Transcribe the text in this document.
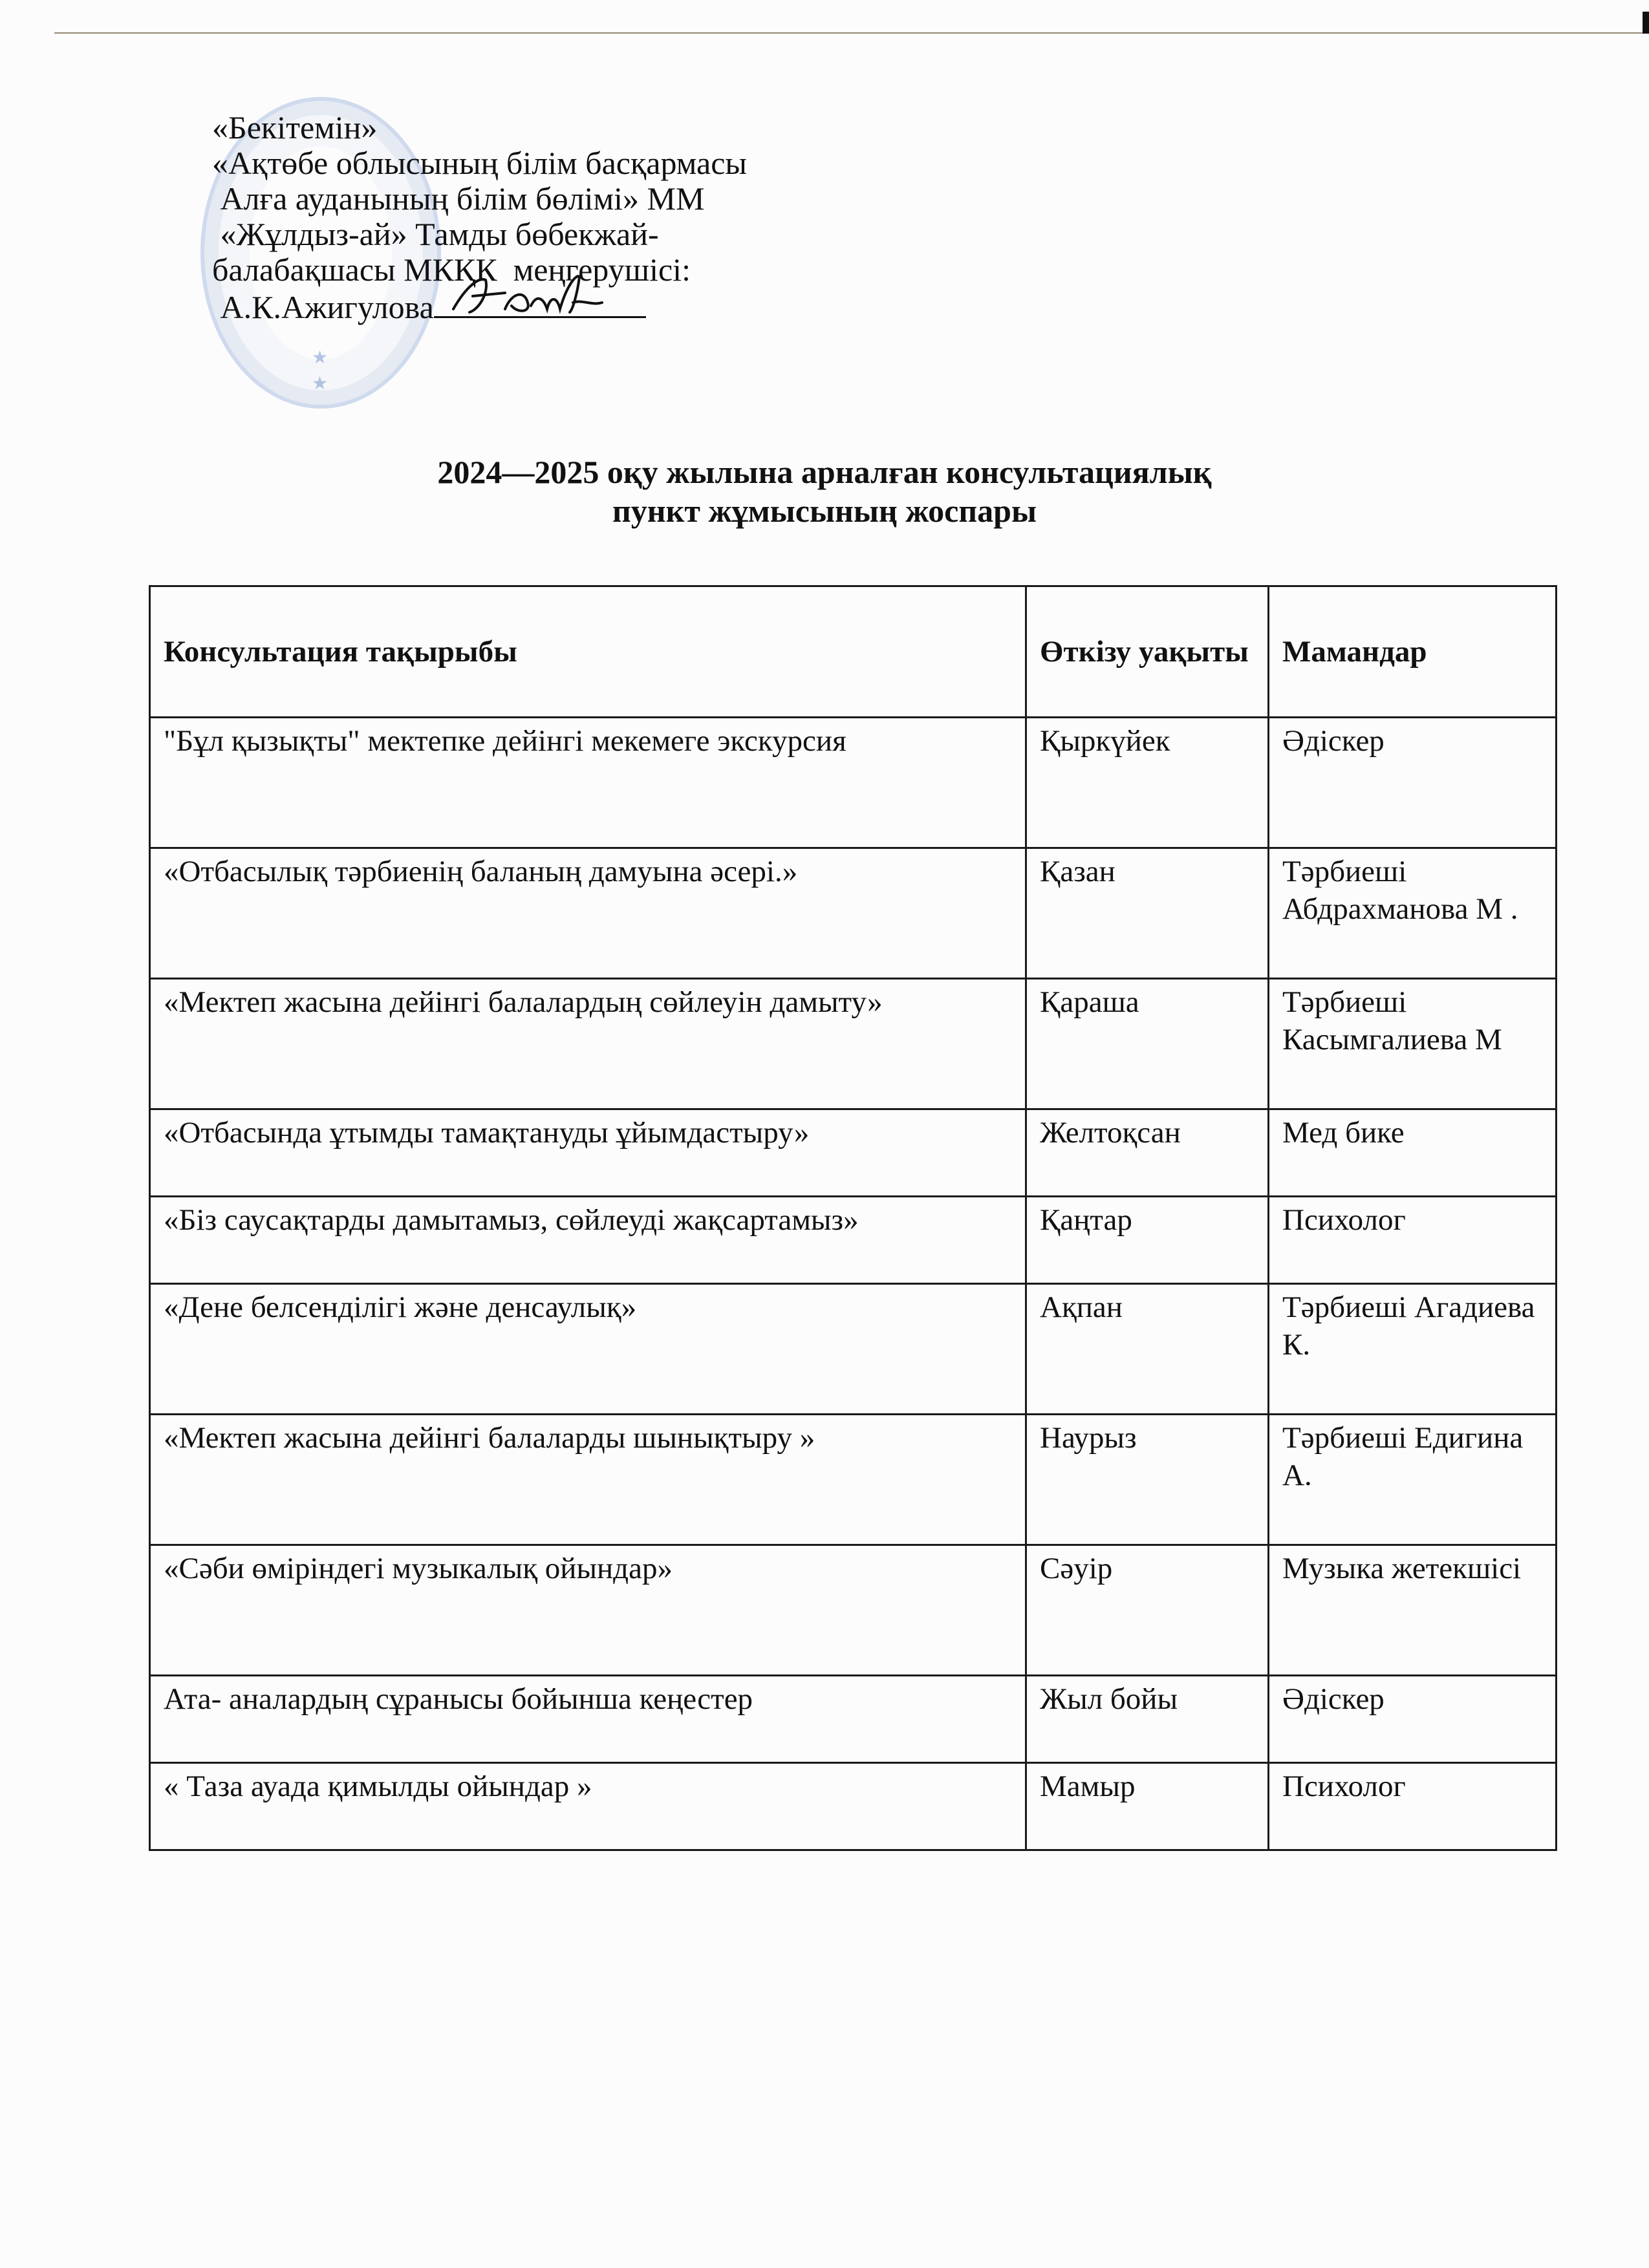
★
★
«Бекітемін»
«Ақтөбе облысының білім басқармасы
Алға ауданының білім бөлімі» ММ
«Жұлдыз-ай» Тамды бөбекжай-
балабақшасы МКҚК  меңгерушісі:
А.К.Ажигулова
2024—2025 оқу жылына арналған консультациялық
пункт жұмысының жоспары
Консультация тақырыбы	Өткізу уақыты	Мамандар
"Бұл қызықты" мектепке дейінгі мекемеге экскурсия	Қыркүйек	Әдіскер
«Отбасылық тәрбиенің баланың дамуына әсері.»	Қазан	Тәрбиеші Абдрахманова М .
«Мектеп жасына дейінгі балалардың сөйлеуін дамыту»	Қараша	Тәрбиеші Касымгалиева М
«Отбасында ұтымды тамақтануды ұйымдастыру»	Желтоқсан	Мед бике
«Біз саусақтарды дамытамыз, сөйлеуді жақсартамыз»	Қаңтар	Психолог
«Дене белсенділігі және денсаулық»	Ақпан	Тәрбиеші Агадиева К.
«Мектеп жасына дейінгі балаларды шынықтыру »	Наурыз	Тәрбиеші Едигина А.
«Сәби өміріндегі музыкалық ойындар»	Сәуір	Музыка жетекшісі
Ата- аналардың сұранысы бойынша кеңестер	Жыл бойы	Әдіскер
« Таза ауада қимылды ойындар »	Мамыр	Психолог
